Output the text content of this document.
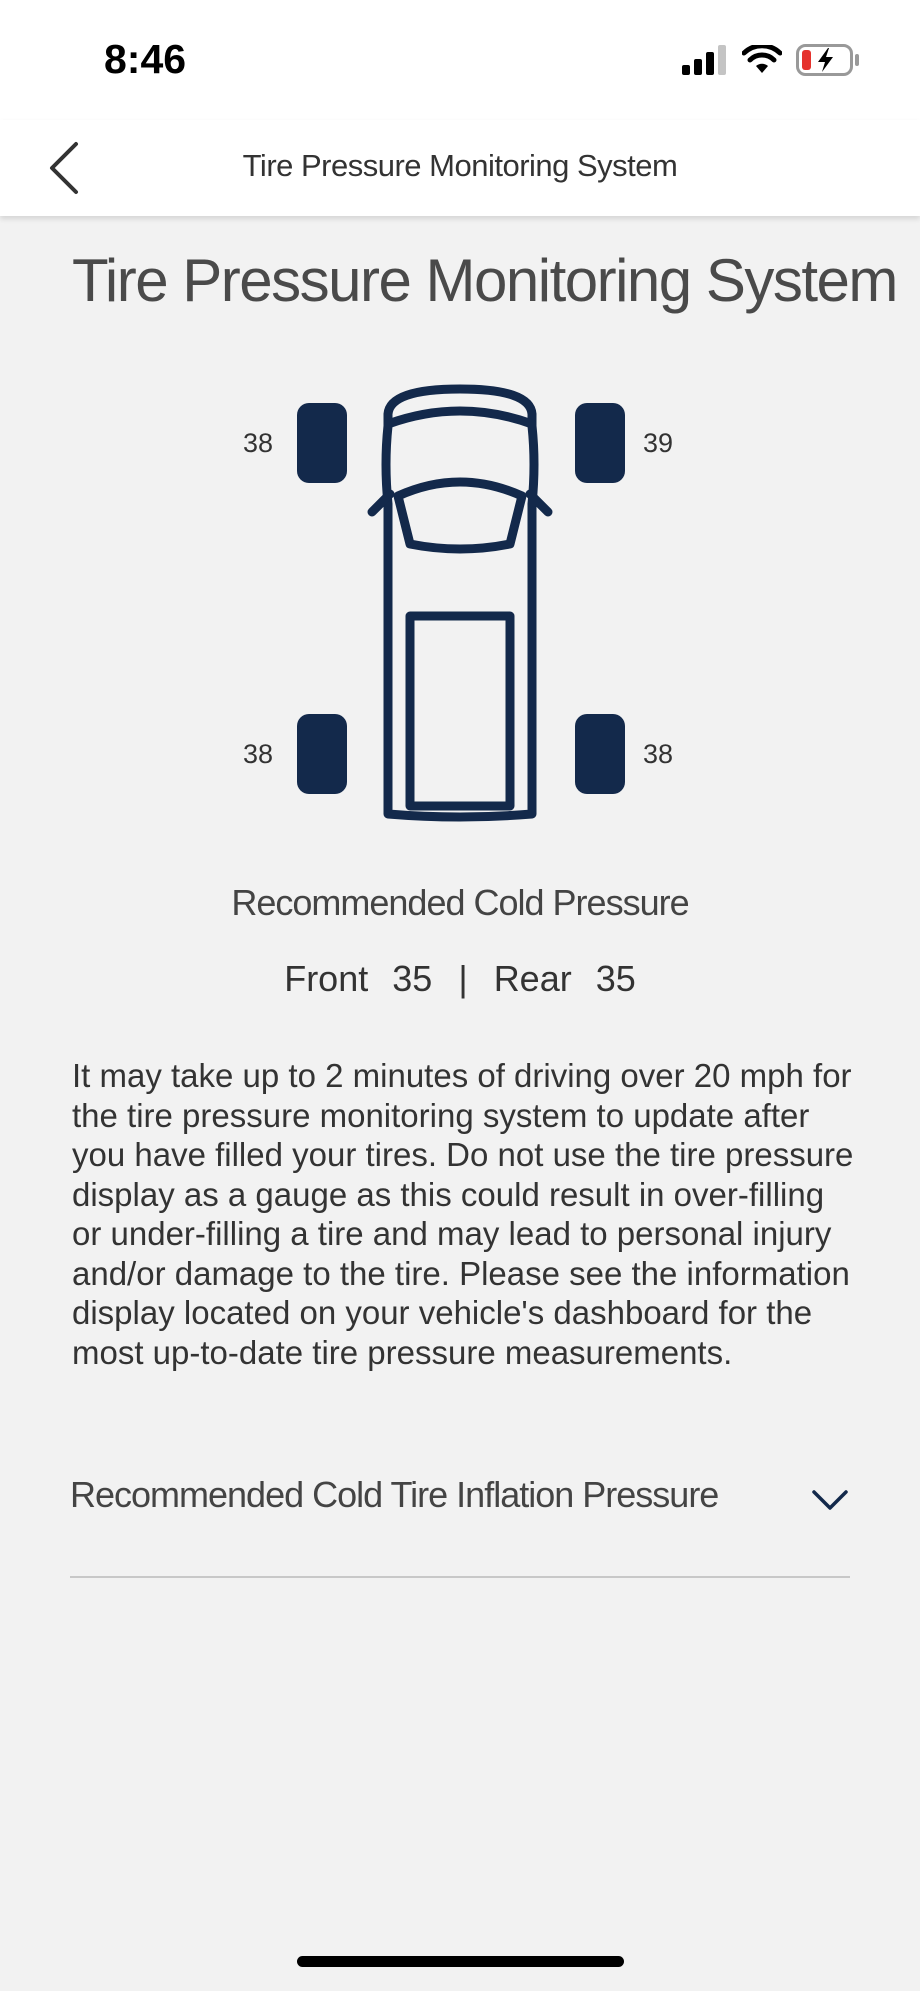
8:46
Tire Pressure Monitoring System
Tire Pressure Monitoring System
38	39
38	38
Recommended Cold Pressure
Front 35 | Rear 35
It may take up to 2 minutes of driving over 20 mph for the tire pressure monitoring system to update after you have filled your tires. Do not use the tire pressure display as a gauge as this could result in over-filling or under-filling a tire and may lead to personal injury and/or damage to the tire. Please see the information display located on your vehicle's dashboard for the most up-to-date tire pressure measurements.
Recommended Cold Tire Inflation Pressure
